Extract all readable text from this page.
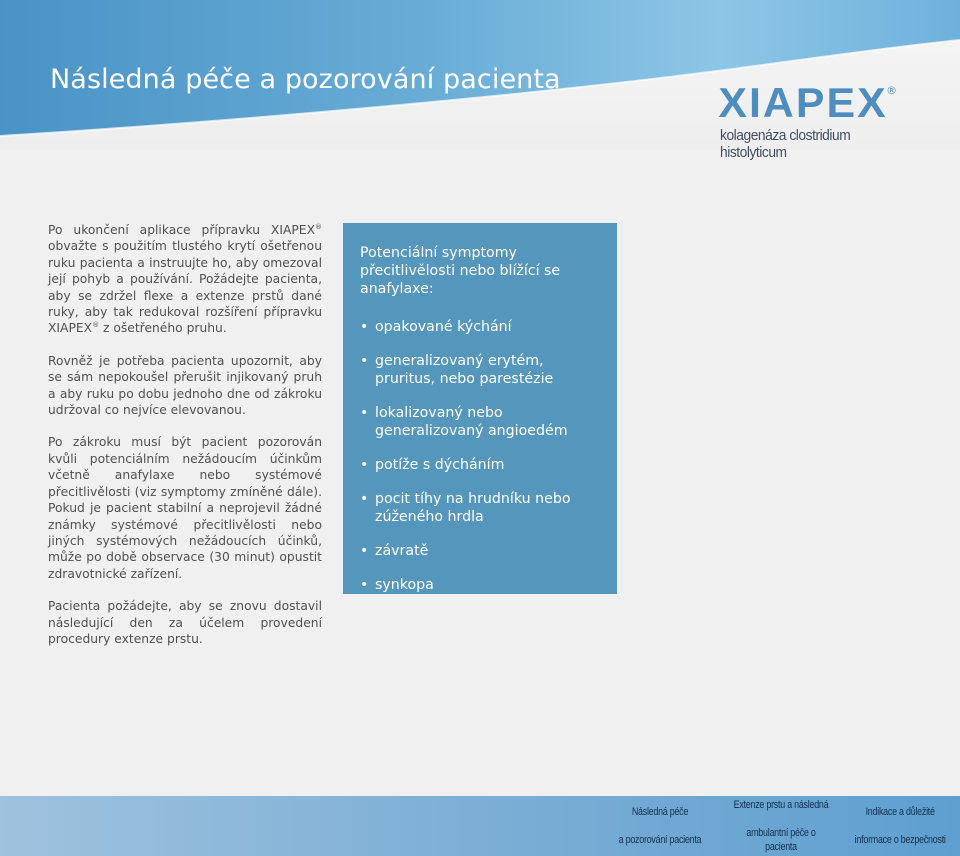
Následná péče a pozorování pacienta	XIAPEX®
kolagenáza clostridium histolyticum

Po ukončení aplikace přípravku XIAPEX® obvažte s použitím tlustého krytí ošetřenou ruku pacienta a instruujte ho, aby omezoval její pohyb a používání. Požádejte pacienta, aby se zdržel flexe a extenze prstů dané ruky, aby tak redukoval rozšíření přípravku XIAPEX® z ošetřeného pruhu.

Rovněž je potřeba pacienta upozornit, aby se sám nepokoušel přerušit injikovaný pruh a aby ruku po dobu jednoho dne od zákroku udržoval co nejvíce elevovanou.

Po zákroku musí být pacient pozorován kvůli potenciálním nežádoucím účinkům včetně anafylaxe nebo systémové přecitlivělosti (viz symptomy zmíněné dále). Pokud je pacient stabilní a neprojevil žádné známky systémové přecitlivělosti nebo jiných systémových nežádoucích účinků, může po době observace (30 minut) opustit zdravotnické zařízení.

Pacienta požádejte, aby se znovu dostavil následující den za účelem provedení procedury extenze prstu.

Potenciální symptomy přecitlivělosti nebo blížící se anafylaxe:

• opakované kýchání
• generalizovaný erytém, pruritus, nebo parestézie
• lokalizovaný nebo generalizovaný angioedém
• potíže s dýcháním
• pocit tíhy na hrudníku nebo zúženého hrdla
• závratě
• synkopa
Následná péče

a pozorování pacienta
Extenze prstu a následná

ambulantní péče o pacienta
Indikace a důležité

informace o bezpečnosti
